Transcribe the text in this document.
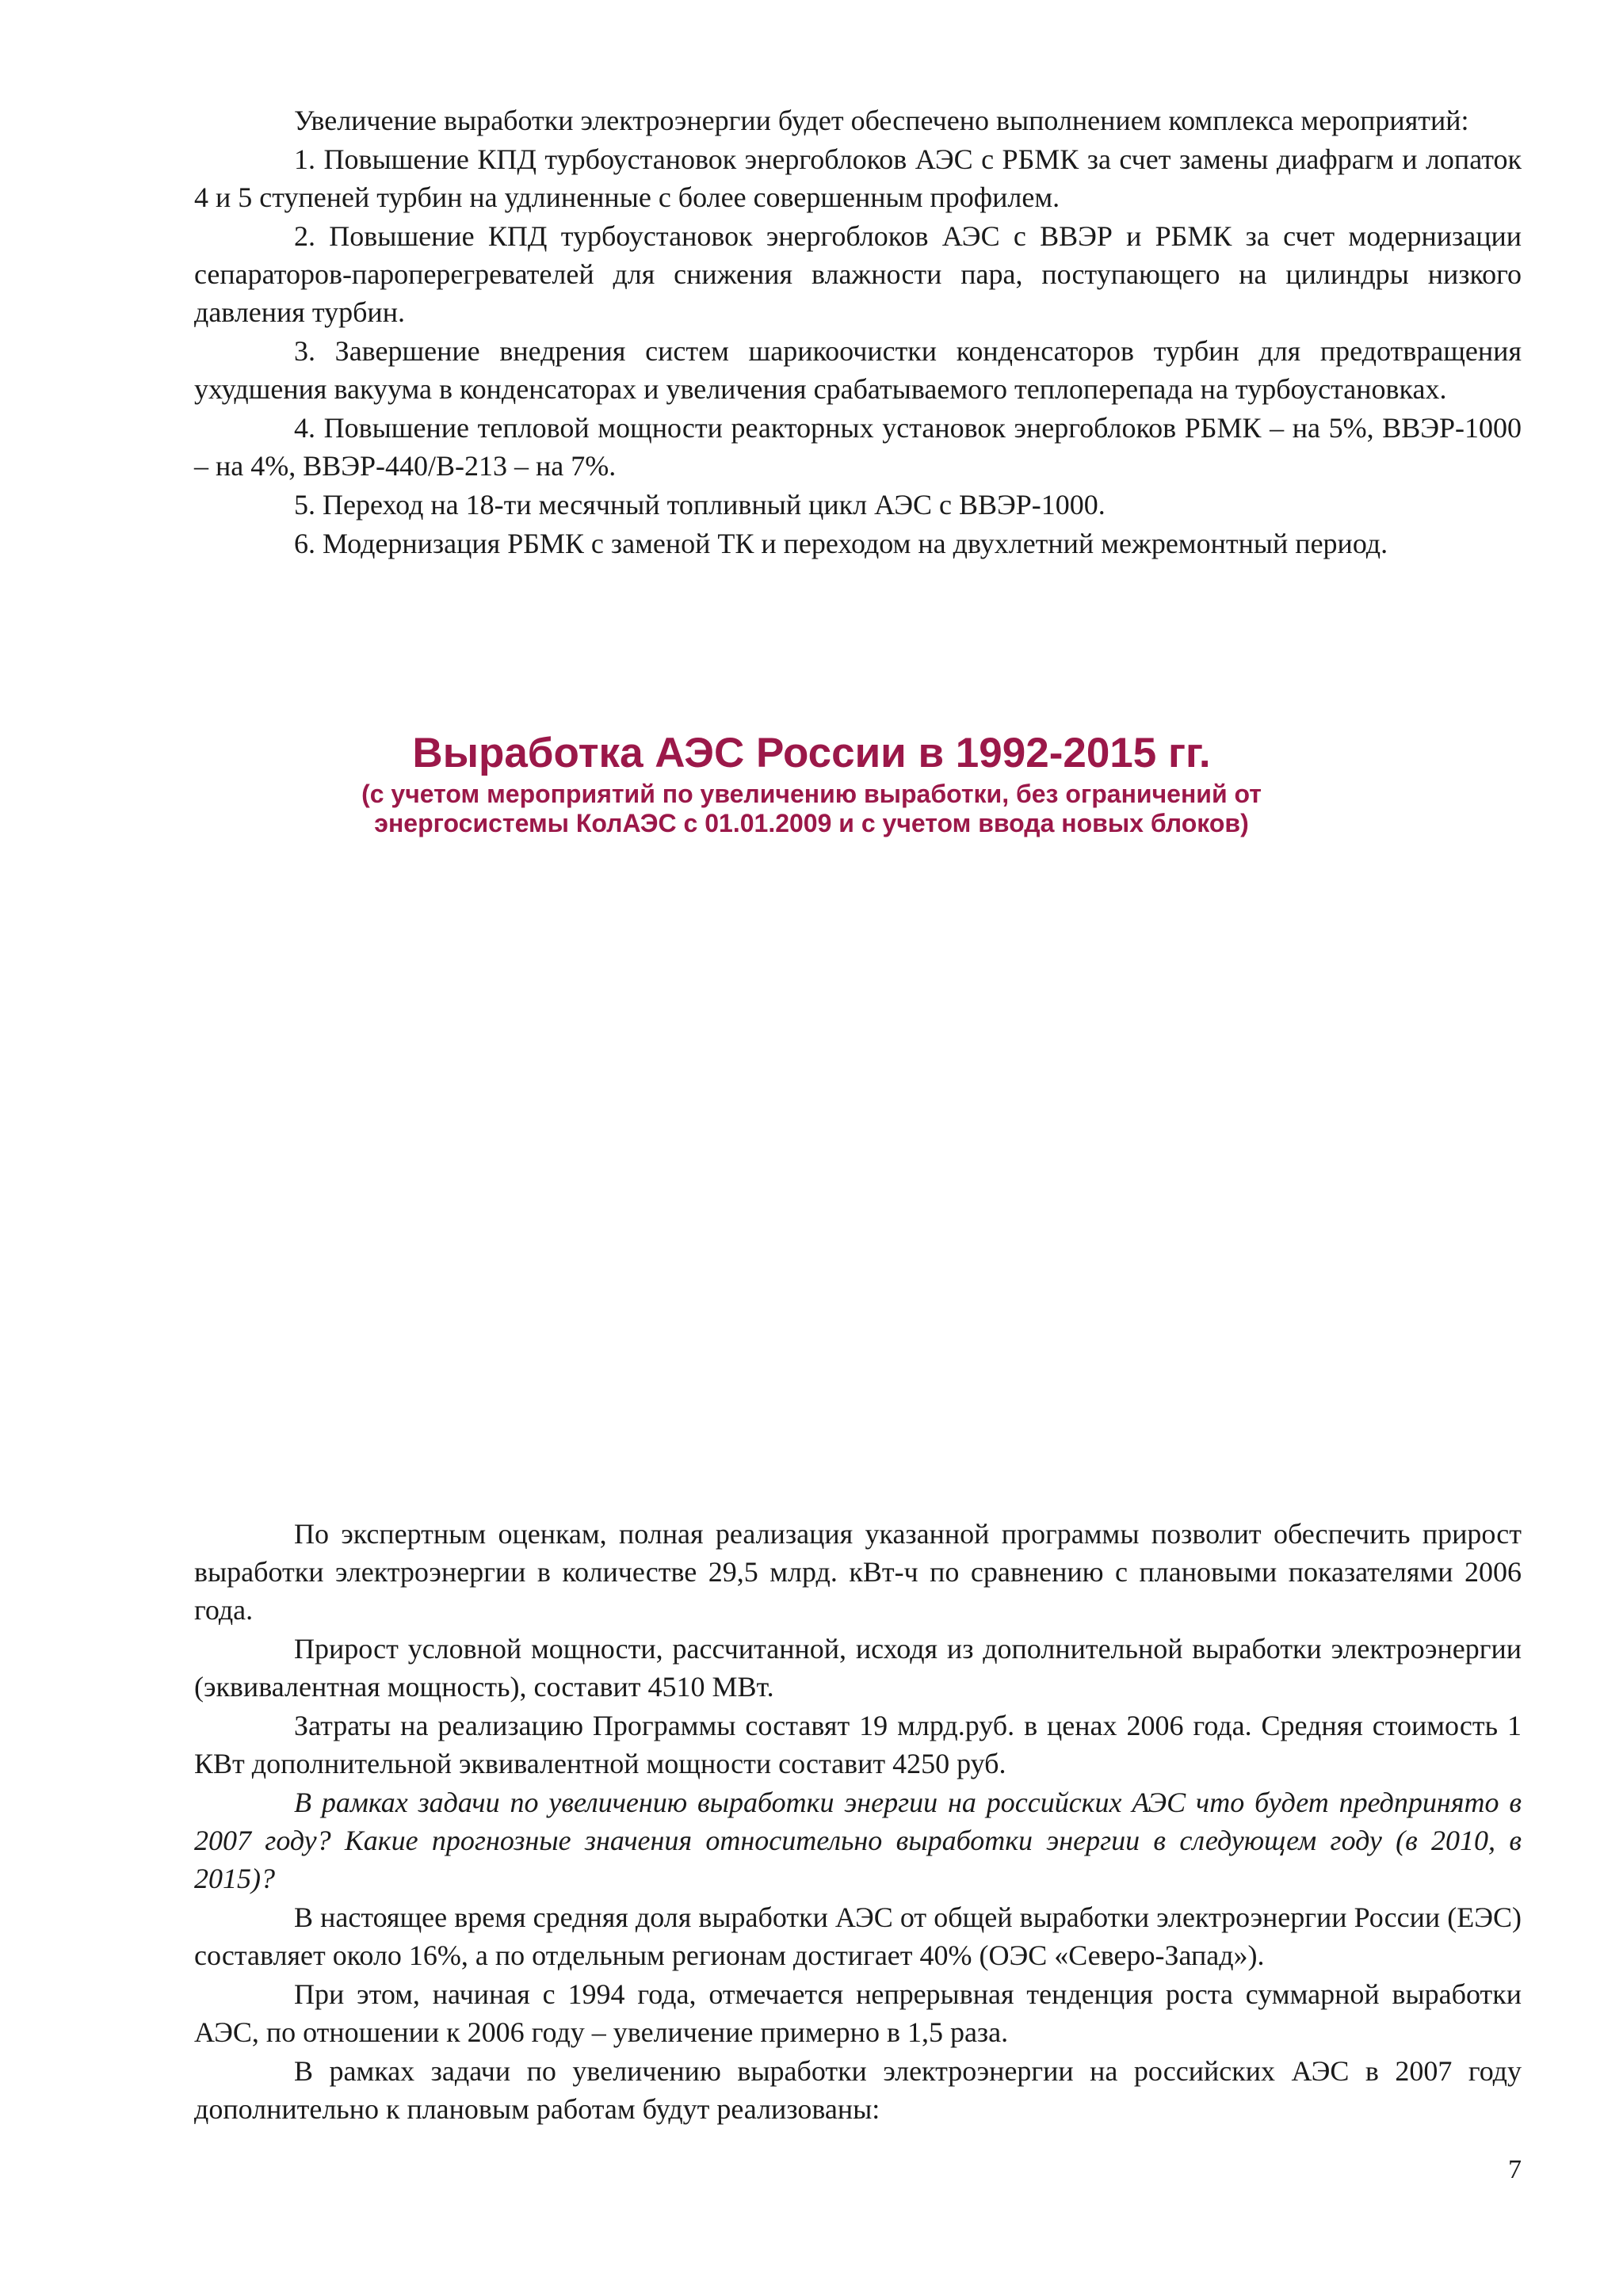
Увеличение выработки электроэнергии будет обеспечено выполнением комплекса мероприятий:

1. Повышение КПД турбоустановок энергоблоков АЭС с РБМК за счет замены диафрагм и лопаток 4 и 5 ступеней турбин на удлиненные с более совершенным профилем.

2. Повышение КПД турбоустановок энергоблоков АЭС с ВВЭР и РБМК за счет модернизации сепараторов-пароперегревателей для снижения влажности пара, поступающего на цилиндры низкого давления турбин.

3. Завершение внедрения систем шарикоочистки конденсаторов турбин для предотвращения ухудшения вакуума в конденсаторах и увеличения срабатываемого теплоперепада на турбоустановках.

4. Повышение тепловой мощности реакторных установок энергоблоков РБМК – на 5%, ВВЭР-1000 – на 4%, ВВЭР-440/В-213 – на 7%.

5. Переход на 18-ти месячный топливный цикл АЭС с ВВЭР-1000.

6. Модернизация РБМК с заменой ТК и переходом на двухлетний межремонтный период.

Выработка АЭС России в 1992-2015 гг.

(с учетом мероприятий по увеличению выработки, без ограничений от энергосистемы КолАЭС с 01.01.2009 и с учетом ввода новых блоков)

По экспертным оценкам, полная реализация указанной программы позволит обеспечить прирост выработки электроэнергии в количестве 29,5 млрд. кВт-ч по сравнению с плановыми показателями 2006 года.

Прирост условной мощности, рассчитанной, исходя из дополнительной выработки электроэнергии (эквивалентная мощность), составит 4510 МВт.

Затраты на реализацию Программы составят 19 млрд.руб. в ценах 2006 года. Средняя стоимость 1 КВт дополнительной эквивалентной мощности составит 4250 руб.

В рамках задачи по увеличению выработки энергии на российских АЭС что будет предпринято в 2007 году? Какие прогнозные значения относительно выработки энергии в следующем году (в 2010, в 2015)?

В настоящее время средняя доля выработки АЭС от общей выработки электроэнергии России (ЕЭС) составляет около 16%, а по отдельным регионам достигает 40% (ОЭС «Северо-Запад»).

При этом, начиная с 1994 года, отмечается непрерывная тенденция роста суммарной выработки АЭС, по отношении к 2006 году – увеличение примерно в 1,5 раза.

В рамках задачи по увеличению выработки электроэнергии на российских АЭС в 2007 году дополнительно к плановым работам будут реализованы:

7
